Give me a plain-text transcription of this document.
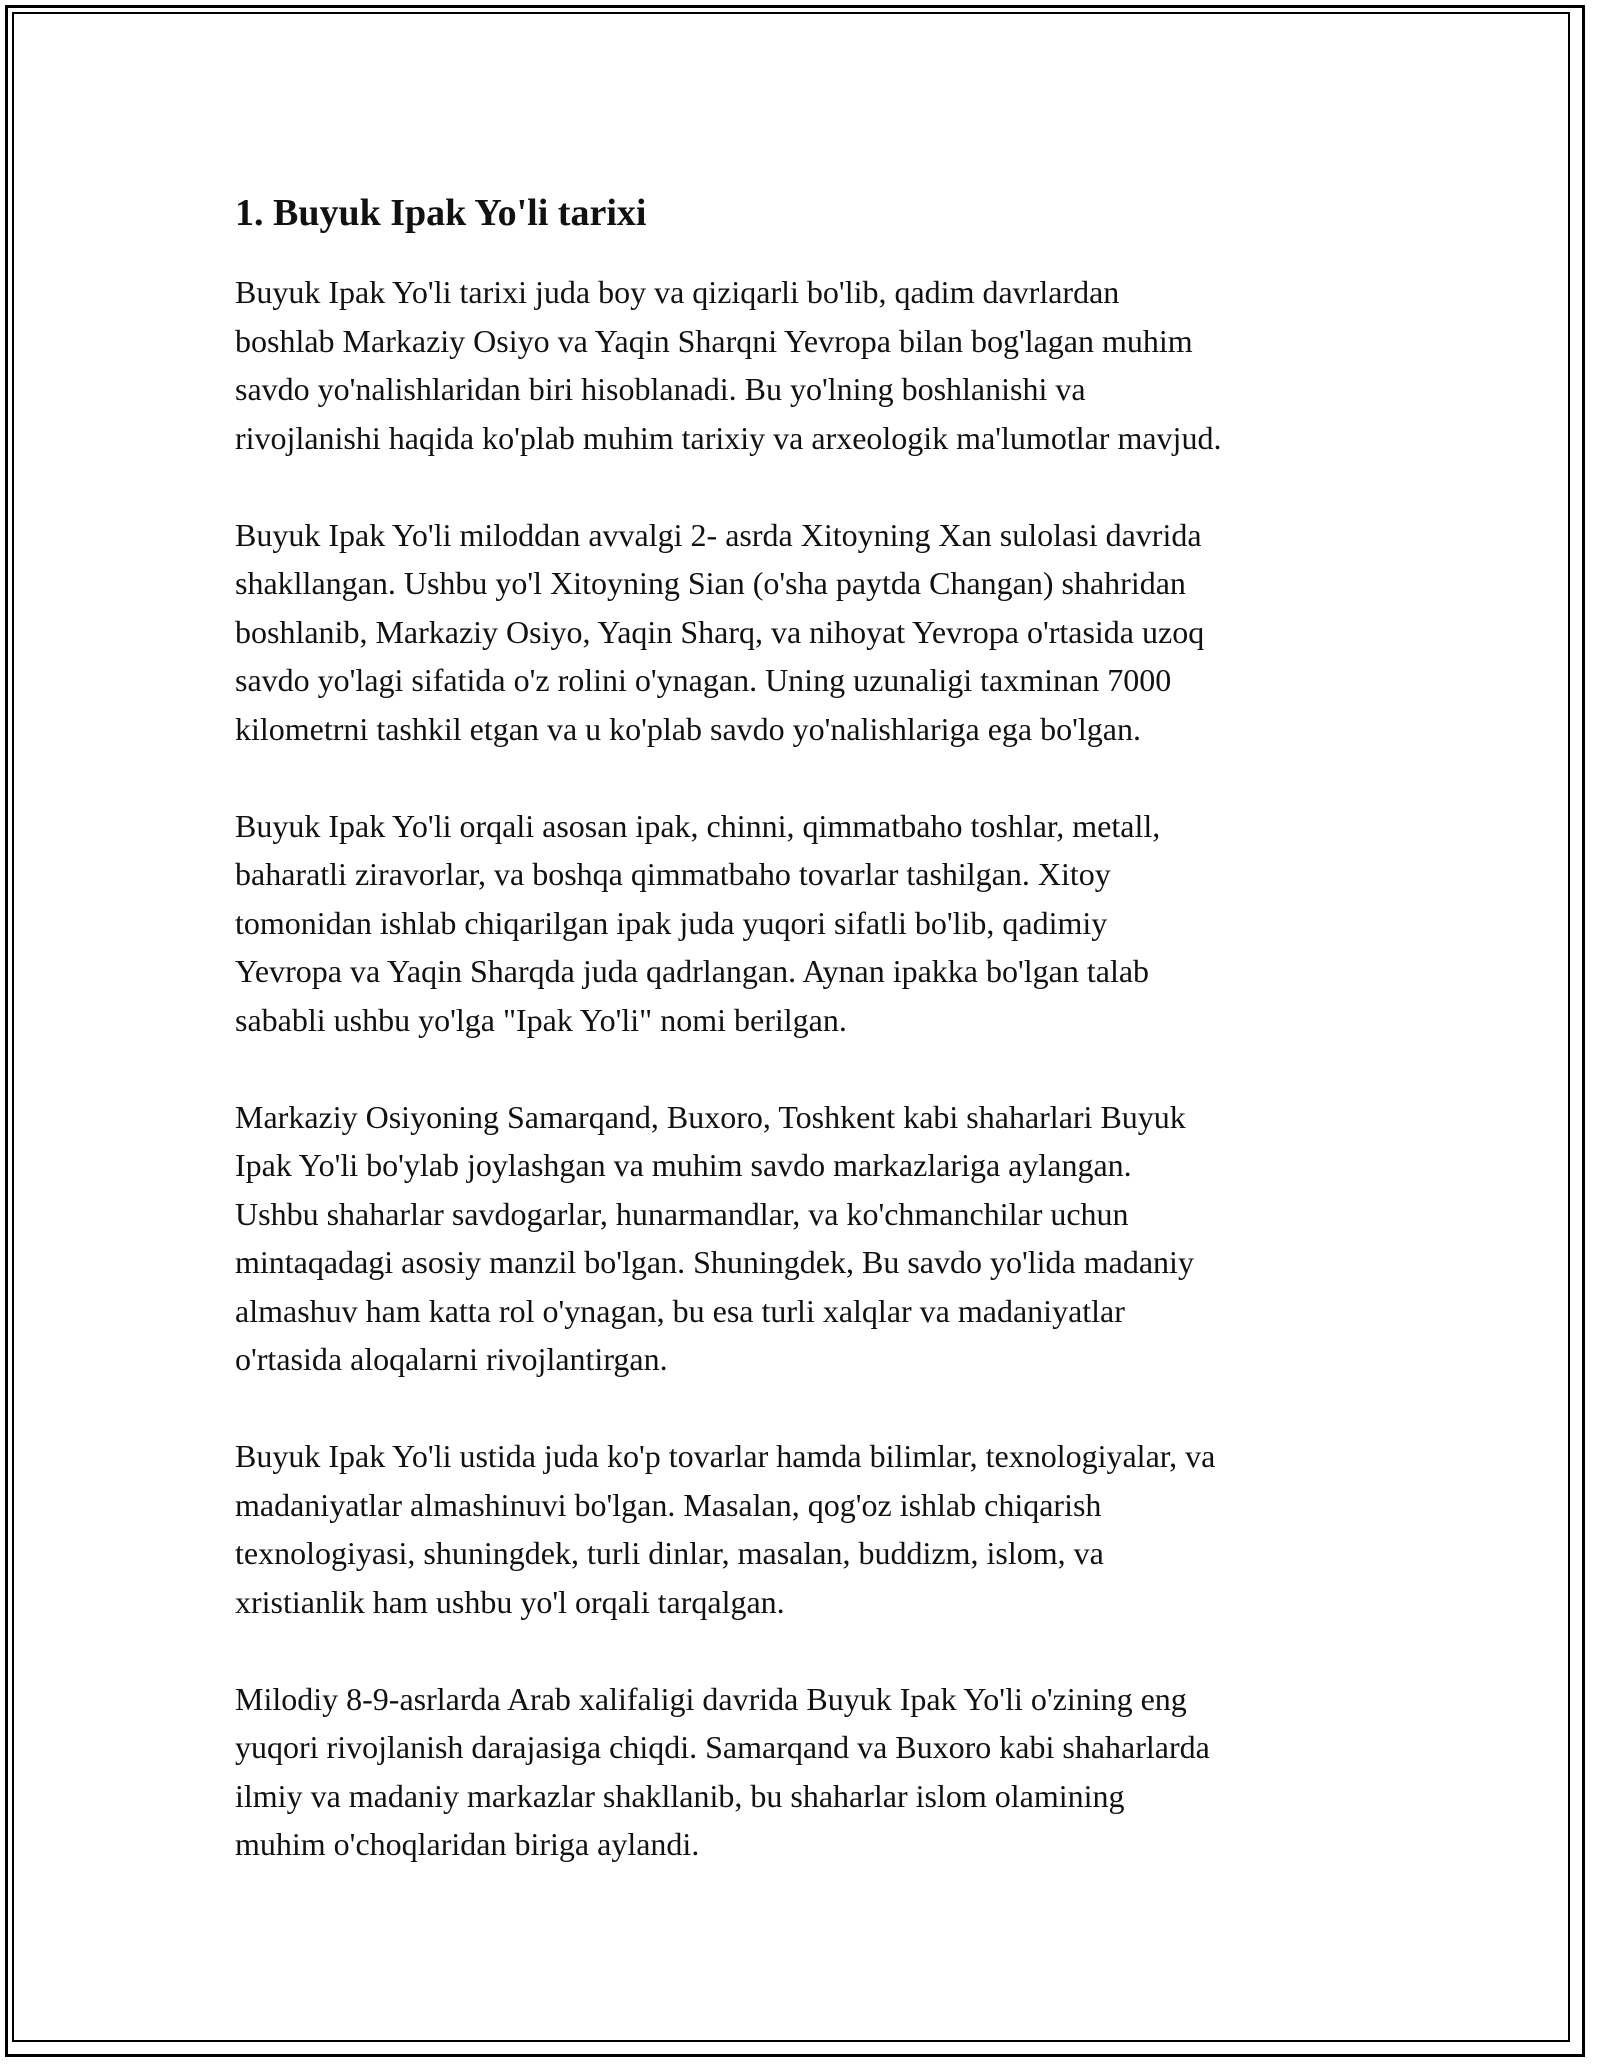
1. Buyuk Ipak Yo'li tarixi

Buyuk Ipak Yo'li tarixi juda boy va qiziqarli bo'lib, qadim davrlardan
boshlab Markaziy Osiyo va Yaqin Sharqni Yevropa bilan bog'lagan muhim
savdo yo'nalishlaridan biri hisoblanadi. Bu yo'lning boshlanishi va
rivojlanishi haqida ko'plab muhim tarixiy va arxeologik ma'lumotlar mavjud.

Buyuk Ipak Yo'li miloddan avvalgi 2- asrda Xitoyning Xan sulolasi davrida
shakllangan. Ushbu yo'l Xitoyning Sian (o'sha paytda Changan) shahridan
boshlanib, Markaziy Osiyo, Yaqin Sharq, va nihoyat Yevropa o'rtasida uzoq
savdo yo'lagi sifatida o'z rolini o'ynagan. Uning uzunaligi taxminan 7000
kilometrni tashkil etgan va u ko'plab savdo yo'nalishlariga ega bo'lgan.

Buyuk Ipak Yo'li orqali asosan ipak, chinni, qimmatbaho toshlar, metall,
baharatli ziravorlar, va boshqa qimmatbaho tovarlar tashilgan. Xitoy
tomonidan ishlab chiqarilgan ipak juda yuqori sifatli bo'lib, qadimiy
Yevropa va Yaqin Sharqda juda qadrlangan. Aynan ipakka bo'lgan talab
sababli ushbu yo'lga "Ipak Yo'li" nomi berilgan.

Markaziy Osiyoning Samarqand, Buxoro, Toshkent kabi shaharlari Buyuk
Ipak Yo'li bo'ylab joylashgan va muhim savdo markazlariga aylangan.
Ushbu shaharlar savdogarlar, hunarmandlar, va ko'chmanchilar uchun
mintaqadagi asosiy manzil bo'lgan. Shuningdek, Bu savdo yo'lida madaniy
almashuv ham katta rol o'ynagan, bu esa turli xalqlar va madaniyatlar
o'rtasida aloqalarni rivojlantirgan.

Buyuk Ipak Yo'li ustida juda ko'p tovarlar hamda bilimlar, texnologiyalar, va
madaniyatlar almashinuvi bo'lgan. Masalan, qog'oz ishlab chiqarish
texnologiyasi, shuningdek, turli dinlar, masalan, buddizm, islom, va
xristianlik ham ushbu yo'l orqali tarqalgan.

Milodiy 8-9-asrlarda Arab xalifaligi davrida Buyuk Ipak Yo'li o'zining eng
yuqori rivojlanish darajasiga chiqdi. Samarqand va Buxoro kabi shaharlarda
ilmiy va madaniy markazlar shakllanib, bu shaharlar islom olamining
muhim o'choqlaridan biriga aylandi.
